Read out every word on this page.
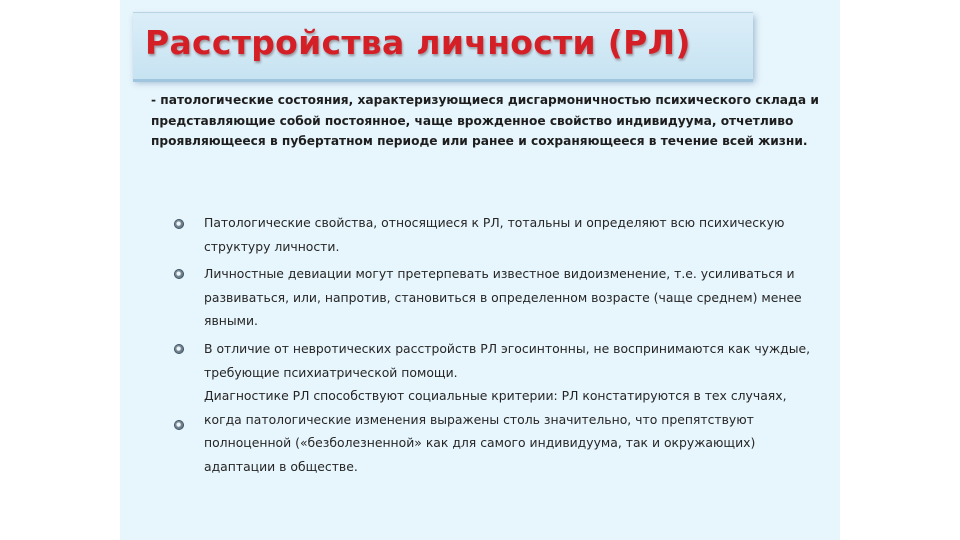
Расстройства личности (РЛ)

- патологические состояния, характеризующиеся дисгармоничностью психического склада и представляющие собой постоянное, чаще врожденное свойство индивидуума, отчетливо проявляющееся в пубертатном периоде или ранее и сохраняющееся в течение всей жизни.

Патологические свойства, относящиеся к РЛ, тотальны и определяют всю психическую структуру личности.
Личностные девиации могут претерпевать известное видоизменение, т.е. усиливаться и развиваться, или, напротив, становиться в определенном возрасте (чаще среднем) менее явными.
В отличие от невротических расстройств РЛ эгосинтонны, не воспринимаются как чуждые, требующие психиатрической помощи.
Диагностике РЛ способствуют социальные критерии: РЛ констатируются в тех случаях, когда патологические изменения выражены столь значительно, что препятствуют полноценной («безболезненной» как для самого индивидуума, так и окружающих) адаптации в обществе.
